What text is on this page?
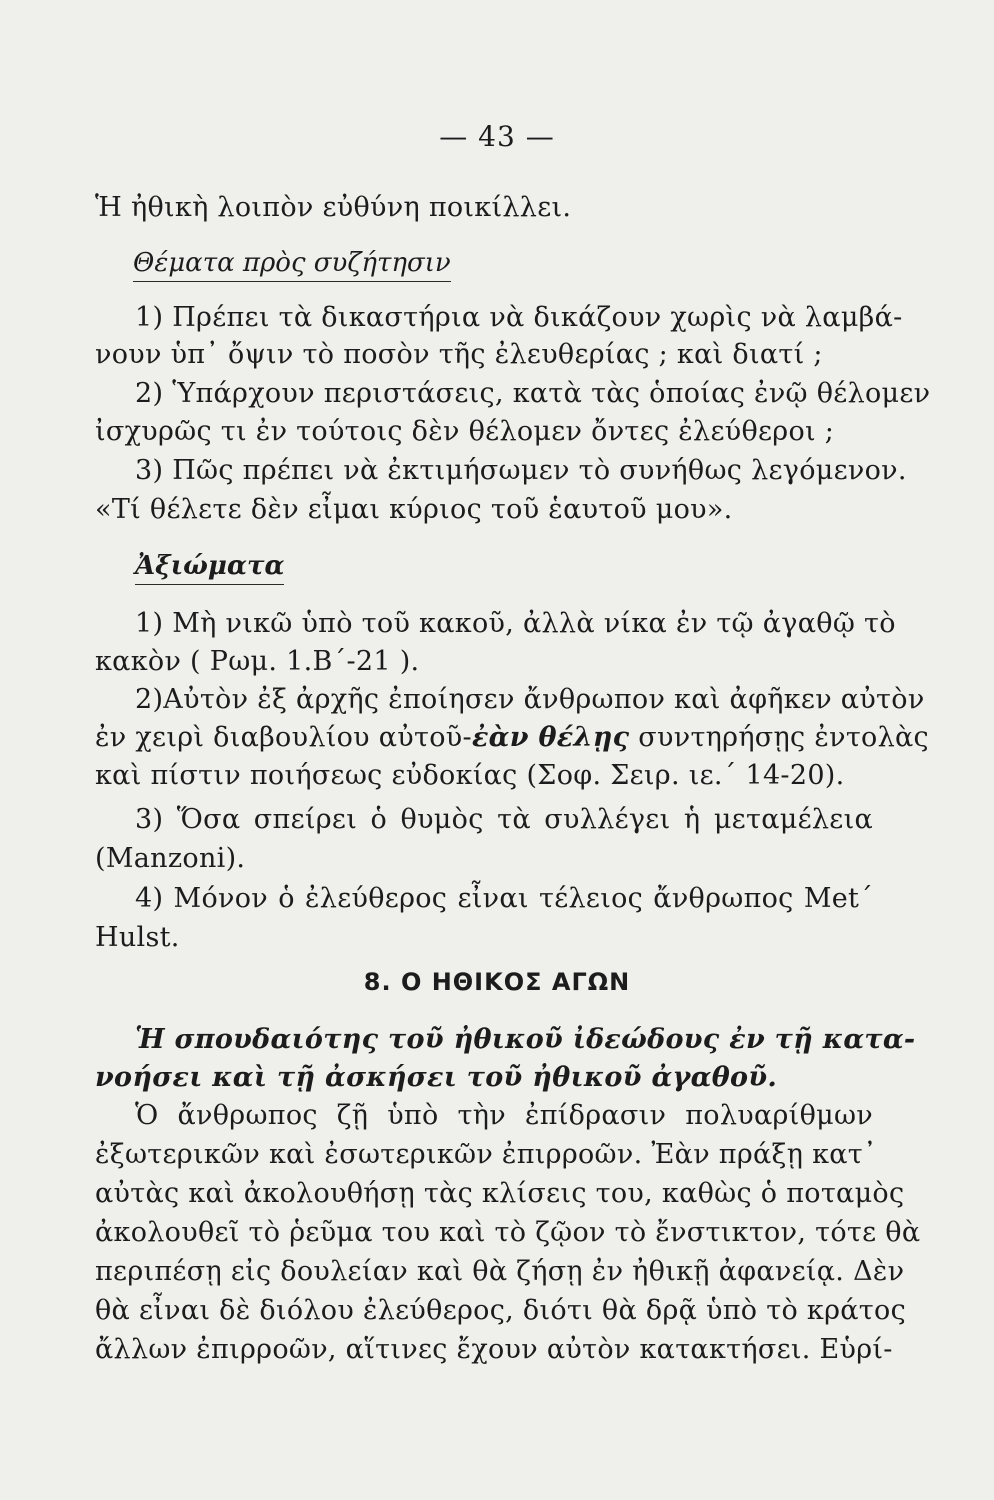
— 43 —
Ἡ ἠθικὴ λοιπὸν εὐθύνη ποικίλλει.
Θέματα πρὸς συζήτησιν
1) Πρέπει τὰ δικαστήρια νὰ δικάζουν χωρὶς νὰ λαμβά-
νουν ὑπ᾽ ὄψιν τὸ ποσὸν τῆς ἐλευθερίας ; καὶ διατί ;
2) Ὑπάρχουν περιστάσεις, κατὰ τὰς ὁποίας ἐνῷ θέλομεν
ἰσχυρῶς τι ἐν τούτοις δὲν θέλομεν ὄντες ἐλεύθεροι ;
3) Πῶς πρέπει νὰ ἐκτιμήσωμεν τὸ συνήθως λεγόμενον.
«Τί θέλετε δὲν εἶμαι κύριος τοῦ ἑαυτοῦ μου».
Ἀξιώματα
1) Μὴ νικῶ ὑπὸ τοῦ κακοῦ, ἀλλὰ νίκα ἐν τῷ ἀγαθῷ τὸ
κακὸν ( Ρωμ. 1.Β΄-21 ).
2)Αὐτὸν ἐξ ἀρχῆς ἐποίησεν ἄνθρωπον καὶ ἀφῆκεν αὐτὸν
ἐν χειρὶ διαβουλίου αὐτοῦ-ἐὰν θέλῃς συντηρήσῃς ἐντολὰς
καὶ πίστιν ποιήσεως εὐδοκίας (Σοφ. Σειρ. ιε.΄ 14-20).
3) Ὅσα σπείρει ὁ θυμὸς τὰ συλλέγει ἡ μεταμέλεια
(Manzoni).
4) Μόνον ὁ ἐλεύθερος εἶναι τέλειος ἄνθρωπος Met΄
Hulst.
8. Ο ΗΘΙΚΟΣ ΑΓΩΝ
Ἡ σπουδαιότης τοῦ ἠθικοῦ ἰδεώδους ἐν τῇ κατα-
νοήσει καὶ τῇ ἀσκήσει τοῦ ἠθικοῦ ἀγαθοῦ.
Ὁ ἄνθρωπος ζῇ ὑπὸ τὴν ἐπίδρασιν πολυαρίθμων
ἐξωτερικῶν καὶ ἐσωτερικῶν ἐπιρροῶν. Ἐὰν πράξῃ κατ᾽
αὐτὰς καὶ ἀκολουθήσῃ τὰς κλίσεις του, καθὼς ὁ ποταμὸς
ἀκολουθεῖ τὸ ῥεῦμα του καὶ τὸ ζῷον τὸ ἔνστικτον, τότε θὰ
περιπέσῃ εἰς δουλείαν καὶ θὰ ζήσῃ ἐν ἠθικῇ ἀφανείᾳ. Δὲν
θὰ εἶναι δὲ διόλου ἐλεύθερος, διότι θὰ δρᾷ ὑπὸ τὸ κράτος
ἄλλων ἐπιρροῶν, αἵτινες ἔχουν αὐτὸν κατακτήσει. Εὑρί-
